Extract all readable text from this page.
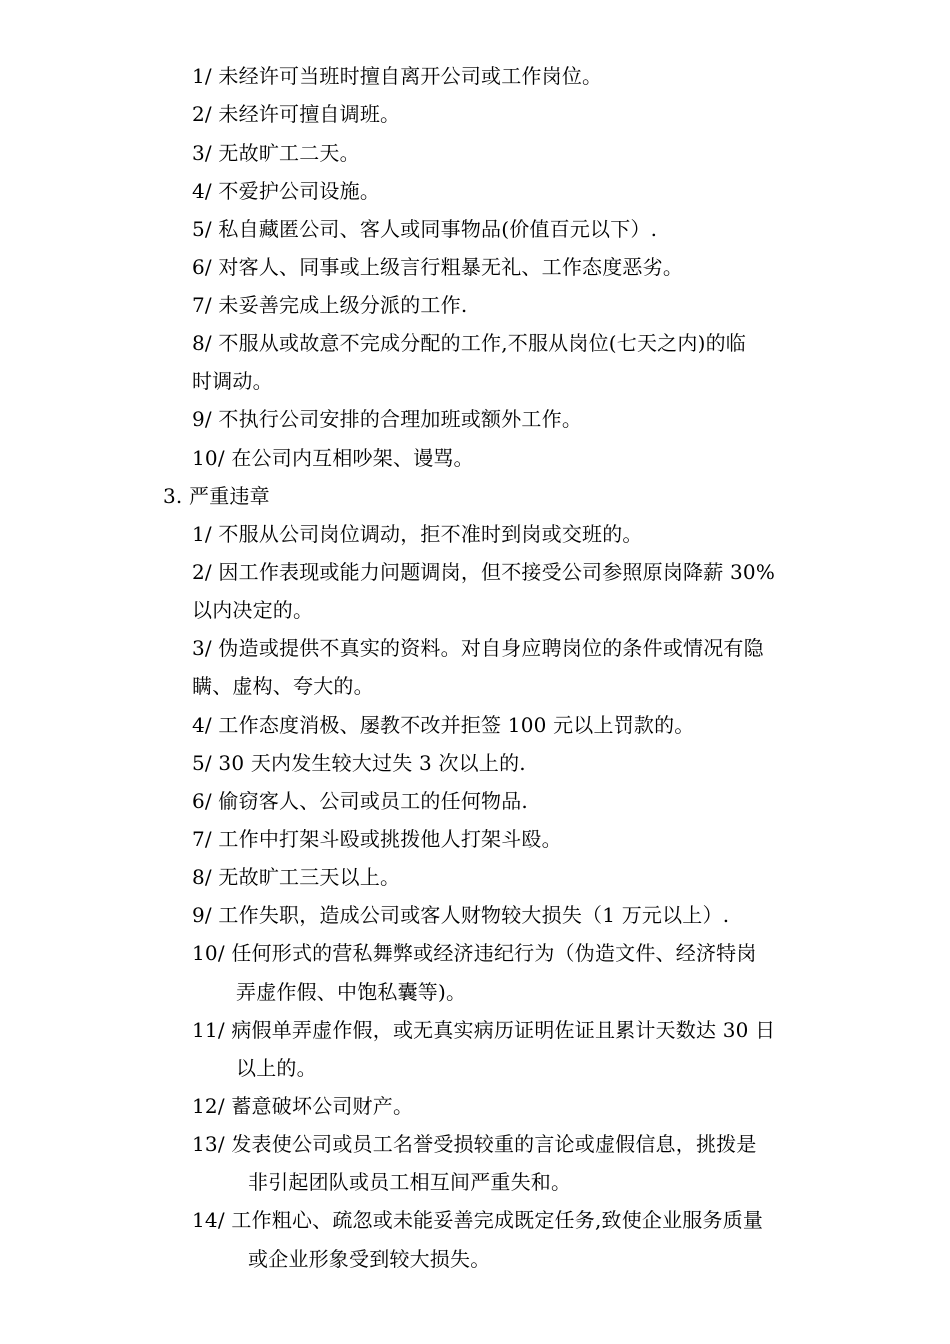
1/ 未经许可当班时擅自离开公司或工作岗位。
2/ 未经许可擅自调班。
3/ 无故旷工二天。
4/ 不爱护公司设施。
5/ 私自藏匿公司、客人或同事物品(价值百元以下）.
6/ 对客人、同事或上级言行粗暴无礼、工作态度恶劣。
7/ 未妥善完成上级分派的工作.
8/ 不服从或故意不完成分配的工作,不服从岗位(七天之内)的临
时调动。
9/ 不执行公司安排的合理加班或额外工作。
10/ 在公司内互相吵架、谩骂。
3. 严重违章
1/ 不服从公司岗位调动，拒不准时到岗或交班的。
2/ 因工作表现或能力问题调岗，但不接受公司参照原岗降薪 30%
以内决定的。
3/ 伪造或提供不真实的资料。对自身应聘岗位的条件或情况有隐
瞒、虚构、夸大的。
4/ 工作态度消极、屡教不改并拒签 100 元以上罚款的。
5/ 30 天内发生较大过失 3 次以上的.
6/ 偷窃客人、公司或员工的任何物品.
7/ 工作中打架斗殴或挑拨他人打架斗殴。
8/ 无故旷工三天以上。
9/ 工作失职，造成公司或客人财物较大损失（1 万元以上）.
10/ 任何形式的营私舞弊或经济违纪行为（伪造文件、经济特岗
弄虚作假、中饱私囊等)。
11/ 病假单弄虚作假，或无真实病历证明佐证且累计天数达 30 日
以上的。
12/ 蓄意破坏公司财产。
13/ 发表使公司或员工名誉受损较重的言论或虚假信息，挑拨是
非引起团队或员工相互间严重失和。
14/ 工作粗心、疏忽或未能妥善完成既定任务,致使企业服务质量
或企业形象受到较大损失。
